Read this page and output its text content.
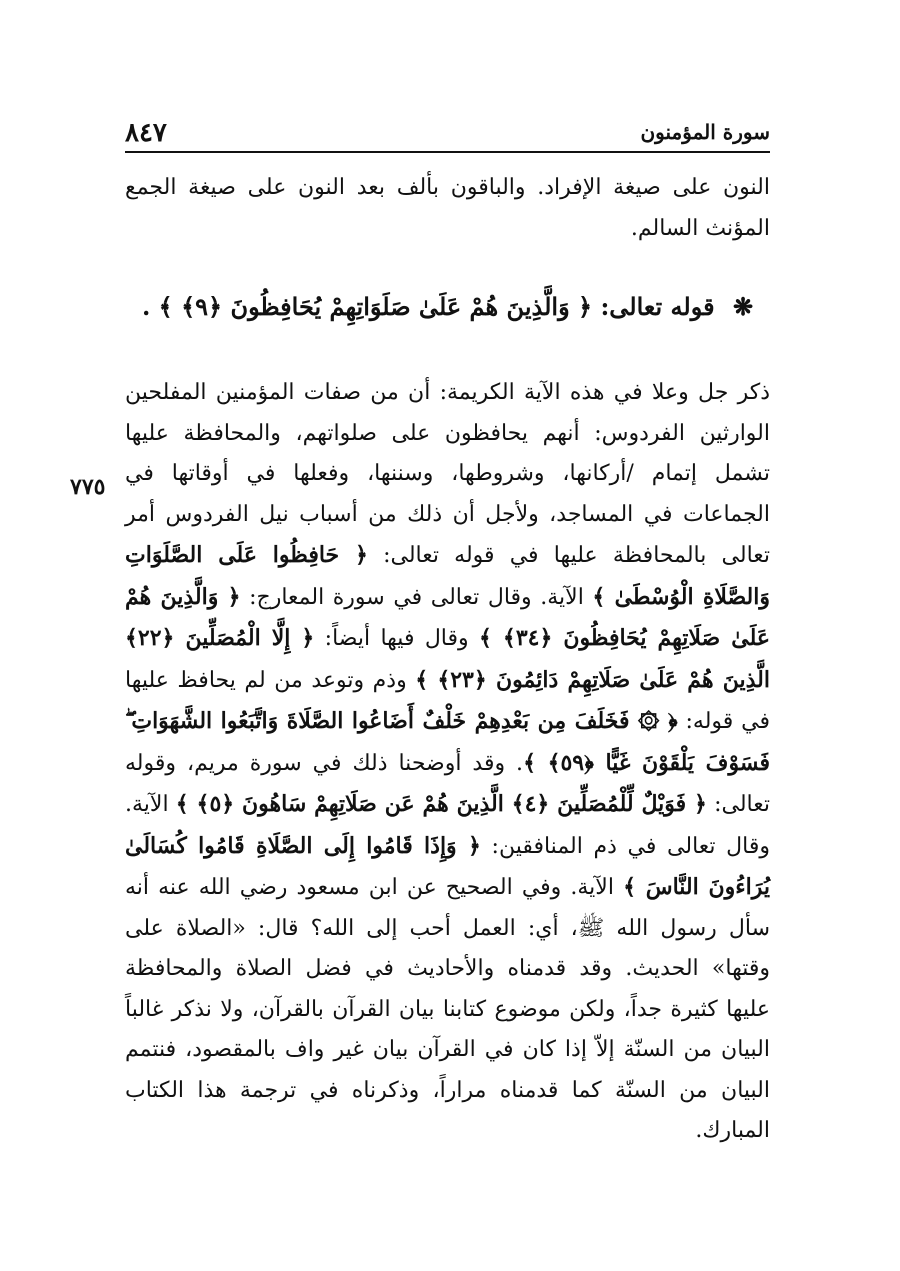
سورة المؤمنون
٨٤٧
٧٧٥

النون على صيغة الإفراد. والباقون بألف بعد النون على صيغة الجمع المؤنث السالم.

❋ قوله تعالى: ﴿ وَالَّذِينَ هُمْ عَلَىٰ صَلَوَاتِهِمْ يُحَافِظُونَ ﴿٩﴾ ﴾ .

ذكر جل وعلا في هذه الآية الكريمة: أن من صفات المؤمنين المفلحين الوارثين الفردوس: أنهم يحافظون على صلواتهم، والمحافظة عليها تشمل إتمام /أركانها، وشروطها، وسننها، وفعلها في أوقاتها في الجماعات في المساجد، ولأجل أن ذلك من أسباب نيل الفردوس أمر تعالى بالمحافظة عليها في قوله تعالى: ﴿ حَافِظُوا عَلَى الصَّلَوَاتِ وَالصَّلَاةِ الْوُسْطَىٰ ﴾ الآية. وقال تعالى في سورة المعارج: ﴿ وَالَّذِينَ هُمْ عَلَىٰ صَلَاتِهِمْ يُحَافِظُونَ ﴿٣٤﴾ ﴾ وقال فيها أيضاً: ﴿ إِلَّا الْمُصَلِّينَ ﴿٢٢﴾ الَّذِينَ هُمْ عَلَىٰ صَلَاتِهِمْ دَائِمُونَ ﴿٢٣﴾ ﴾ وذم وتوعد من لم يحافظ عليها في قوله: ﴿ ۞ فَخَلَفَ مِن بَعْدِهِمْ خَلْفٌ أَضَاعُوا الصَّلَاةَ وَاتَّبَعُوا الشَّهَوَاتِ ۖ فَسَوْفَ يَلْقَوْنَ غَيًّا ﴿٥٩﴾ ﴾. وقد أوضحنا ذلك في سورة مريم، وقوله تعالى: ﴿ فَوَيْلٌ لِّلْمُصَلِّينَ ﴿٤﴾ الَّذِينَ هُمْ عَن صَلَاتِهِمْ سَاهُونَ ﴿٥﴾ ﴾ الآية. وقال تعالى في ذم المنافقين: ﴿ وَإِذَا قَامُوا إِلَى الصَّلَاةِ قَامُوا كُسَالَىٰ يُرَاءُونَ النَّاسَ ﴾ الآية. وفي الصحيح عن ابن مسعود رضي الله عنه أنه سأل رسول الله ﷺ، أي: العمل أحب إلى الله؟ قال: «الصلاة على وقتها» الحديث. وقد قدمناه والأحاديث في فضل الصلاة والمحافظة عليها كثيرة جداً، ولكن موضوع كتابنا بيان القرآن بالقرآن، ولا نذكر غالباً البيان من السنّة إلاّ إذا كان في القرآن بيان غير واف بالمقصود، فنتمم البيان من السنّة كما قدمناه مراراً، وذكرناه في ترجمة هذا الكتاب المبارك.
